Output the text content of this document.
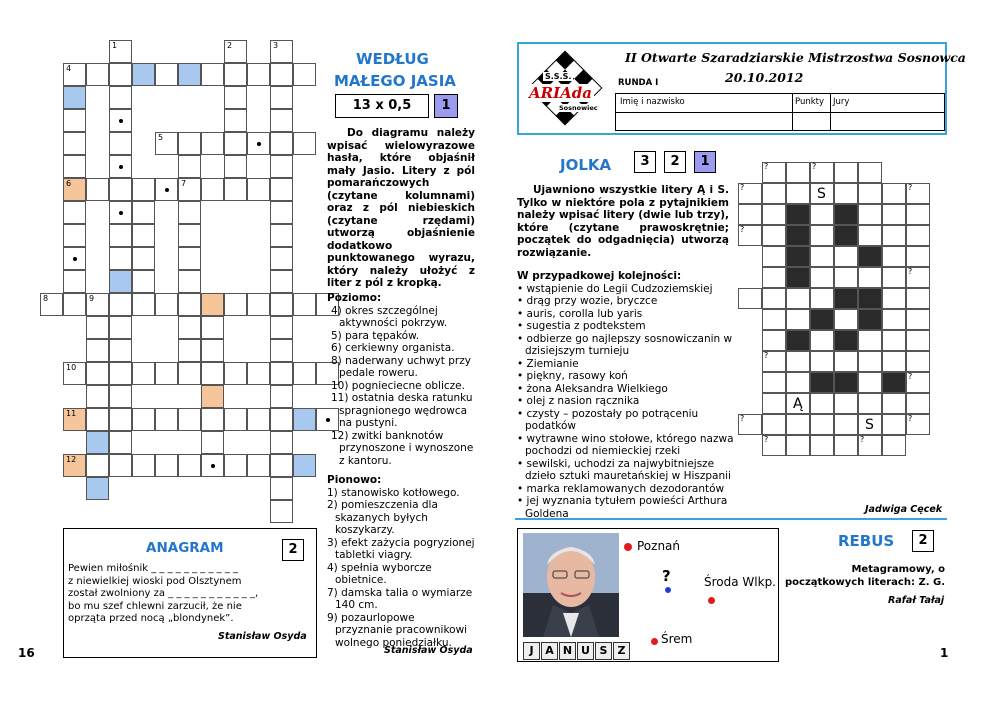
1	2	3
4
5
6	7
8	9
10
11
12
WEDŁUG
MAŁEGO JASIA
13 x 0,5	1
Do diagramu należy wpisać wielowyrazowe hasła, które objaśnił mały Jasio. Litery z pól pomarańczowych (czytane kolumnami) oraz z pól niebieskich (czytane rzędami) utworzą objaśnienie dodatkowo punktowanego wyrazu, który należy ułożyć z liter z pól z kropką.
Poziomo:
4) okres szczególnej aktywności pokrzyw.
5) para tępaków.
6) cerkiewny organista.
8) naderwany uchwyt przy pedale roweru.
10) pognieciecne oblicze.
11) ostatnia deska ratunku spragnionego wędrowca na pustyni.
12) zwitki banknotów przynoszone i wynoszone z kantoru.
Pionowo:
1) stanowisko kotłowego.
2) pomieszczenia dla skazanych byłych koszykarzy.
3) efekt zażycia pogryzionej tabletki viagry.
4) spełnia wyborcze obietnice.
7) damska talia o wymiarze 140 cm.
9) pozaurlopowe przyznanie pracownikowi wolnego poniedziałku.
Stanisław Osyda
ANAGRAM	2
Pewien miłośnik _ _ _ _ _ _ _ _ _ _ _
z niewielkiej wioski pod Olsztynem
został zwolniony za _ _ _ _ _ _ _ _ _ _ _,
bo mu szef chlewni zarzucił, że nie
oprząta przed nocą „blondynek”.
Stanisław Osyda
16
S.S.S.
ARIAda
Sosnowiec
II Otwarte Szaradziarskie Mistrzostwa Sosnowca
RUNDA I	20.10.2012
Imię i nazwisko	Punkty Jury
JOLKA	3	2	1
Ujawniono wszystkie litery Ą i S. Tylko w niektóre pola z pytajnikiem należy wpisać litery (dwie lub trzy), które (czytane prawoskrętnie; początek do odgadnięcia) utworzą rozwiązanie.
W przypadkowej kolejności:
• wstąpienie do Legii Cudzoziemskiej
• drąg przy wozie, bryczce
• auris, corolla lub yaris
• sugestia z podtekstem
• odbierze go najlepszy sosnowiczanin w dzisiejszym turnieju
• Ziemianie
• piękny, rasowy koń
• żona Aleksandra Wielkiego
• olej z nasion rącznika
• czysty – pozostały po potrąceniu podatków
• wytrawne wino stołowe, którego nazwa pochodzi od niemieckiej rzeki
• sewilski, uchodzi za najwybitniejsze dzieło sztuki mauretańskiej w Hiszpanii
• marka reklamowanych dezodorantów
• jej wyznania tytułem powieści Arthura Goldena
?	?
?	S	?
?
?
?
?
Ą
?	S	?
?	?
Jadwiga Cęcek
J A N U S Z
Poznań
?	Środa Wlkp.
Śrem
REBUS	2
Metagramowy, o początkowych literach: Z. G.
Rafał Tałaj
1
